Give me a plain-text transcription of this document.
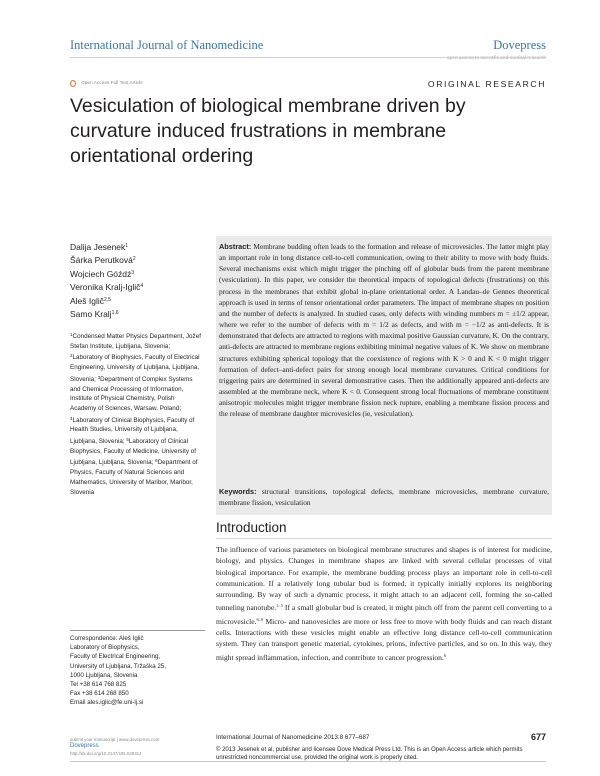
International Journal of Nanomedicine	Dovepress
open access to scientific and medical research
Open Access Full Text Article	ORIGINAL RESEARCH
Vesiculation of biological membrane driven by curvature induced frustrations in membrane orientational ordering
Dalija Jesenek$^1$
Šárka Perutková$^2$
Wojciech Góźdź$^3$
Veronika Kralj-Iglič$^4$
Aleš Iglič$^{2,5}$
Samo Kralj$^{1,6}$
$^1$Condensed Matter Physics Department, Jožef Stefan Institute, Ljubljana, Slovenia; $^2$Laboratory of Biophysics, Faculty of Electrical Engineering, University of Ljubljana, Ljubljana, Slovenia; $^3$Department of Complex Systems and Chemical Processing of Information, Institute of Physical Chemistry, Polish Academy of Sciences, Warsaw, Poland; $^4$Laboratory of Clinical Biophysics, Faculty of Health Studies, University of Ljubljana, Ljubljana, Slovenia; $^5$Laboratory of Clinical Biophysics, Faculty of Medicine, University of Ljubljana, Ljubljana, Slovenia; $^6$Department of Physics, Faculty of Natural Sciences and Mathematics, University of Maribor, Maribor, Slovenia
Correspondence: Aleš Iglič
Laboratory of Biophysics,
Faculty of Electrical Engineering,
University of Ljubljana, Tržaška 25,
1000 Ljubljana, Slovenia
Tel +38 614 768 825
Fax +38 614 268 850
Email ales.iglic@fe.uni-lj.si

Abstract: Membrane budding often leads to the formation and release of microvesicles. The latter might play an important role in long distance cell-to-cell communication, owing to their ability to move with body fluids. Several mechanisms exist which might trigger the pinching off of globular buds from the parent membrane (vesiculation). In this paper, we consider the theoretical impacts of topological defects (frustrations) on this process in the membranes that exhibit global in-plane orientational order. A Landau–de Gennes theoretical approach is used in terms of tensor orientational order parameters. The impact of membrane shapes on position and the number of defects is analyzed. In studied cases, only defects with winding numbers m = ±1/2 appear, where we refer to the number of defects with m = 1/2 as defects, and with m = −1/2 as anti-defects. It is demonstrated that defects are attracted to regions with maximal positive Gaussian curvature, K. On the contrary, anti-defects are attracted to membrane regions exhibiting minimal negative values of K. We show on membrane structures exhibiting spherical topology that the coexistence of regions with K > 0 and K < 0 might trigger formation of defect–anti-defect pairs for strong enough local membrane curvatures. Critical conditions for triggering pairs are determined in several demonstrative cases. Then the additionally appeared anti-defects are assembled at the membrane neck, where K < 0. Consequent strong local fluctuations of membrane constituent anisotropic molecules might trigger membrane fission neck rupture, enabling a membrane fission process and the release of membrane daughter microvesicles (ie, vesiculation).

Keywords: structural transitions, topological defects, membrane microvesicles, membrane curvature, membrane fission, vesiculation

Introduction

The influence of various parameters on biological membrane structures and shapes is of interest for medicine, biology, and physics. Changes in membrane shapes are linked with several cellular processes of vital biological importance. For example, the membrane budding process plays an important role in cell-to-cell communication. If a relatively long tubular bud is formed, it typically initially explores its neighboring surrounding. By way of such a dynamic process, it might attach to an adjacent cell, forming the so-called tunneling nanotube.$^{1-5}$ If a small globular bud is created, it might pinch off from the parent cell converting to a microvesicle.$^{6-9}$ Micro- and nanovesicles are more or less free to move with body fluids and can reach distant cells. Interactions with these vesicles might enable an effective long distance cell-to-cell communication system. They can transport genetic material, cytokines, prions, infective particles, and so on. In this way, they might spread inflammation, infection, and contribute to cancer progression.$^6$

submit your manuscript | www.dovepress.com
Dovepress
http://dx.doi.org/10.2147/IJN.S38314
International Journal of Nanomedicine 2013:8 677–687	677
© 2013 Jesenek et al, publisher and licensee Dove Medical Press Ltd. This is an Open Access article which permits unrestricted noncommercial use, provided the original work is properly cited.
